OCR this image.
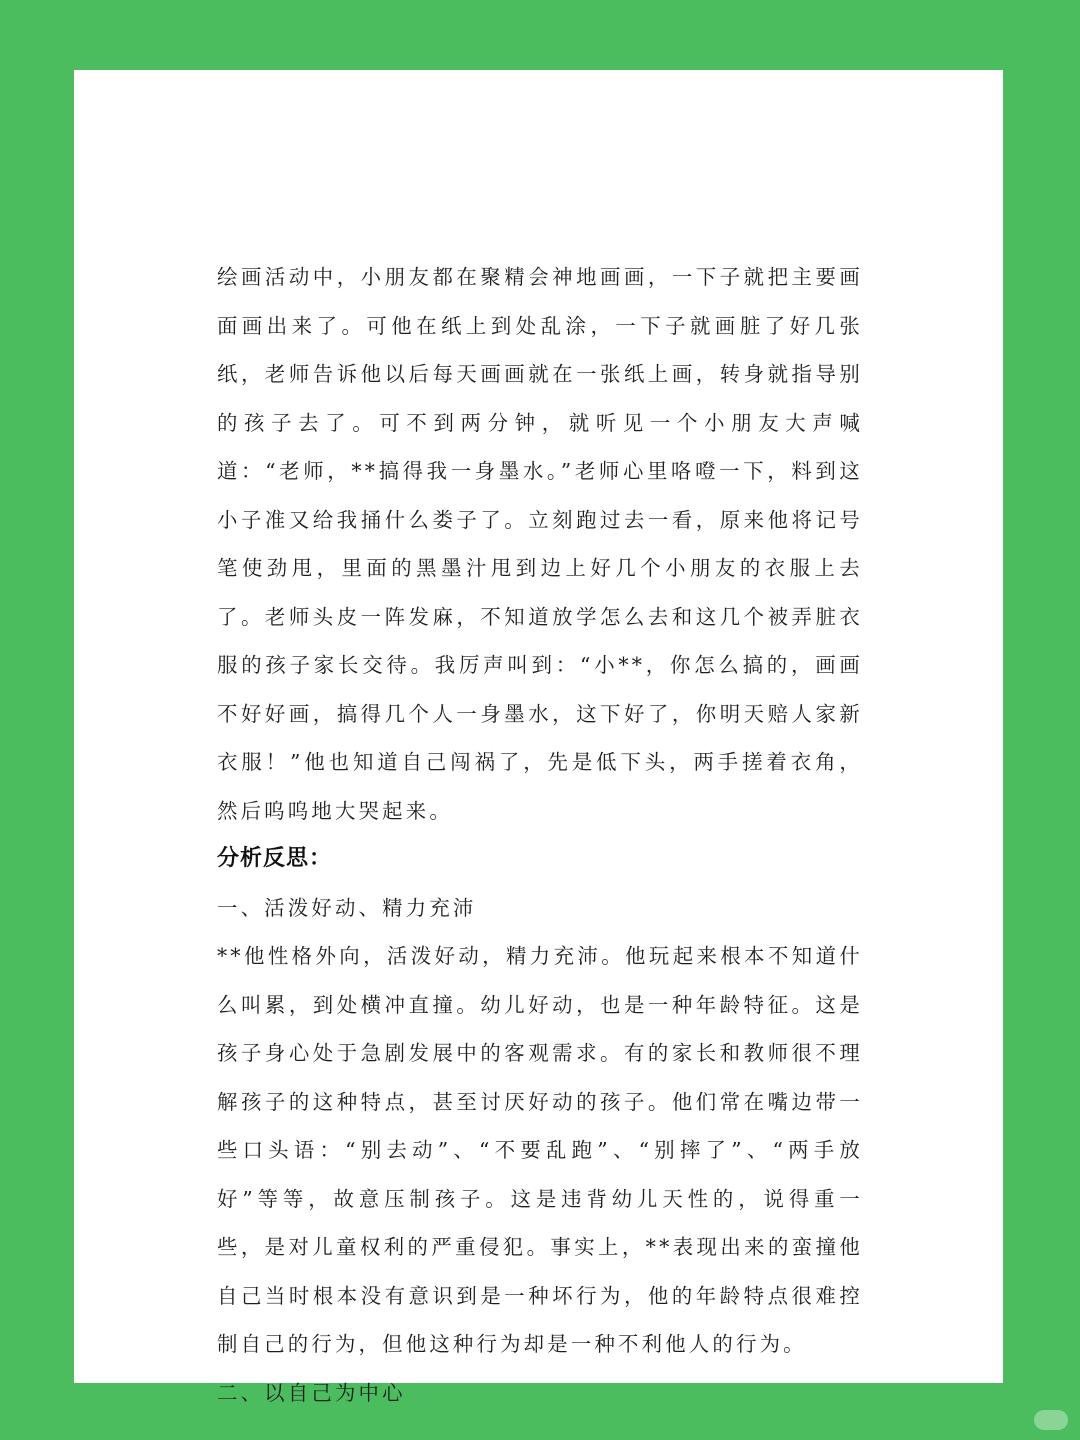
绘画活动中，小朋友都在聚精会神地画画，一下子就把主要画面画出来了。可他在纸上到处乱涂，一下子就画脏了好几张纸，老师告诉他以后每天画画就在一张纸上画，转身就指导别的孩子去了。可不到两分钟，就听见一个小朋友大声喊道：“老师，**搞得我一身墨水。”老师心里咯噔一下，料到这小子准又给我捅什么娄子了。立刻跑过去一看，原来他将记号笔使劲甩，里面的黑墨汁甩到边上好几个小朋友的衣服上去了。老师头皮一阵发麻，不知道放学怎么去和这几个被弄脏衣服的孩子家长交待。我厉声叫到：“小**，你怎么搞的，画画不好好画，搞得几个人一身墨水，这下好了，你明天赔人家新衣服！”他也知道自己闯祸了，先是低下头，两手搓着衣角，然后呜呜地大哭起来。

分析反思：

一、活泼好动、精力充沛

**他性格外向，活泼好动，精力充沛。他玩起来根本不知道什么叫累，到处横冲直撞。幼儿好动，也是一种年龄特征。这是孩子身心处于急剧发展中的客观需求。有的家长和教师很不理解孩子的这种特点，甚至讨厌好动的孩子。他们常在嘴边带一些口头语：“别去动”、“不要乱跑”、“别摔了”、“两手放好”等等，故意压制孩子。这是违背幼儿天性的，说得重一些，是对儿童权利的严重侵犯。事实上，**表现出来的蛮撞他自己当时根本没有意识到是一种坏行为，他的年龄特点很难控制自己的行为，但他这种行为却是一种不利他人的行为。

二、以自己为中心
